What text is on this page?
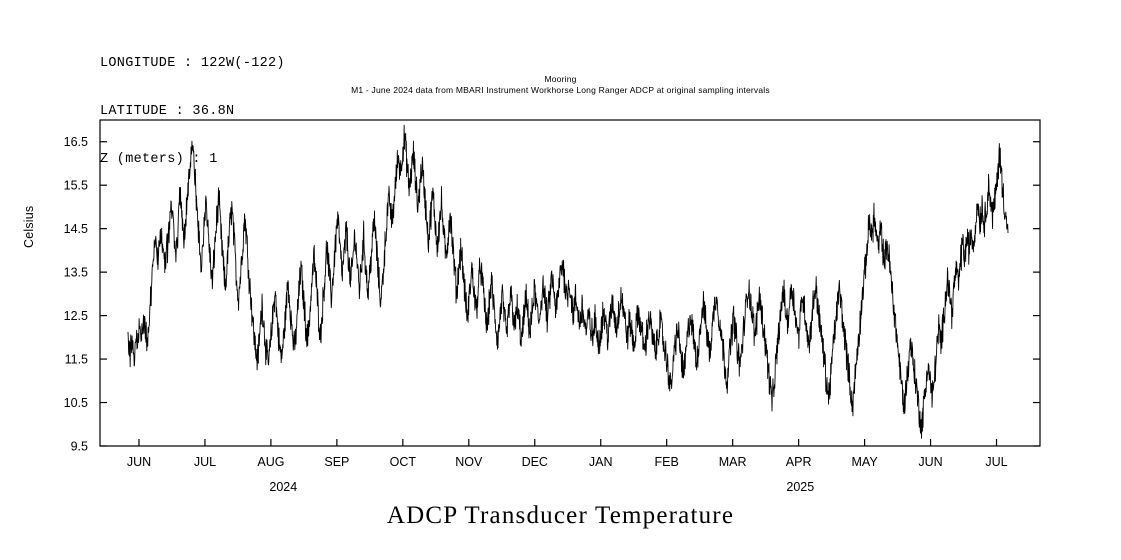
LONGITUDE : 122W(-122)

LATITUDE : 36.8N

Z (meters) : 1

Mooring
M1 - June 2024 data from MBARI Instrument Workhorse Long Ranger ADCP at original sampling intervals
Celsius
9.5
10.5
11.5
12.5
13.5
14.5
15.5
16.5
JUN	JUL	AUG	SEP	OCT	NOV	DEC	JAN	FEB	MAR	APR	MAY	JUN	JUL
2024	2025
ADCP Transducer Temperature
